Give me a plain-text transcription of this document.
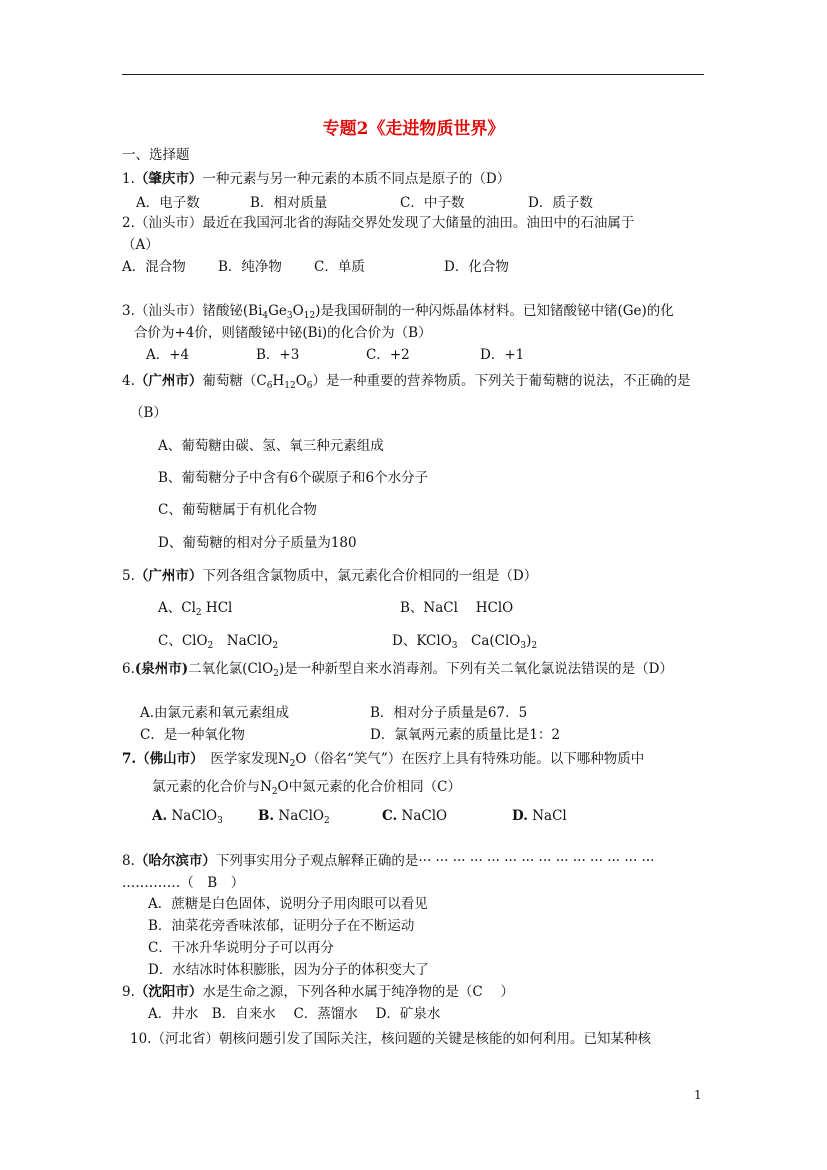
专题2《走进物质世界》
一、选择题
1.（肇庆市）一种元素与另一种元素的本质不同点是原子的（D）
A．电子数	B．相对质量	C．中子数	D．质子数
2.（汕头市）最近在我国河北省的海陆交界处发现了大储量的油田。油田中的石油属于
（A）
A．混合物 B．纯净物 C．单质	D．化合物
3.（汕头市）锗酸铋$(Bi_4Ge_3O_{12})$是我国研制的一种闪烁晶体材料。已知锗酸铋中锗(Ge)的化
合价为+4价，则锗酸铋中铋(Bi)的化合价为（B）
A．+4	B．+3	C．+2	D．+1
4.（广州市）葡萄糖$(C_6H_{12}O_6)$是一种重要的营养物质。下列关于葡萄糖的说法，不正确的是
（B）
A、葡萄糖由碳、氢、氧三种元素组成
B、葡萄糖分子中含有6个碳原子和6个水分子
C、葡萄糖属于有机化合物
D、葡萄糖的相对分子质量为180
5.（广州市）下列各组含氯物质中，氯元素化合价相同的一组是（D）
A、$Cl_2$ HCl	B、NaCl　 HClO
C、ClO$_2$　NaClO$_2$	D、KClO$_3$　$Ca(ClO_3)_2$
6.(泉州市)二氧化氯(ClO$_2$)是一种新型自来水消毒剂。下列有关二氧化氯说法错误的是（D）
A.由氯元素和氧元素组成	B．相对分子质量是67．5
C．是一种氧化物	D．氯氧两元素的质量比是1：2
7.（佛山市）　医学家发现$N_2O$（俗名“笑气”）在医疗上具有特殊功能。以下哪种物质中
氯元素的化合价与$N_2O$中氮元素的化合价相同（C）
A. NaClO$_3$	B. NaClO$_2$	C. NaClO	D. NaCl
8.（哈尔滨市）下列事实用分子观点解释正确的是··· ··· ··· ··· ··· ··· ··· ··· ··· ··· ··· ··· ··· ···
.…………（　B　）
A．蔗糖是白色固体，说明分子用肉眼可以看见
B．油菜花旁香味浓郁，证明分子在不断运动
C．干冰升华说明分子可以再分
D．水结冰时体积膨胀，因为分子的体积变大了
9.（沈阳市）水是生命之源，下列各种水属于纯净物的是（C　 ）
A．井水　B．自来水　 C．蒸馏水　 D．矿泉水
10.（河北省）朝核问题引发了国际关注，核问题的关键是核能的如何利用。已知某种核
1
